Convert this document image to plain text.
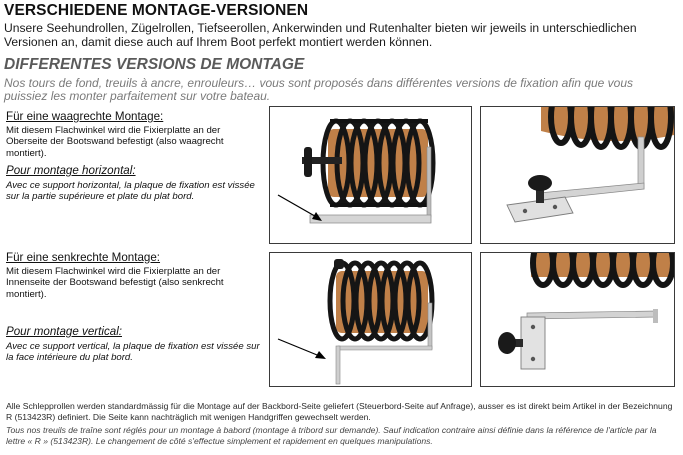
VERSCHIEDENE MONTAGE-VERSIONEN
Unsere Seehundrollen, Zügelrollen, Tiefseerollen, Ankerwinden und Rutenhalter bieten wir jeweils in unterschiedlichen Versionen an, damit diese auch auf Ihrem Boot perfekt montiert werden können.
DIFFERENTES VERSIONS DE MONTAGE
Nos tours de fond, treuils à ancre, enrouleurs… vous sont proposés dans différentes versions de fixation afin que vous puissiez les monter parfaitement sur votre bateau.
Für eine waagrechte Montage:
Mit diesem Flachwinkel wird die Fixierplatte an der Oberseite der Bootswand befestigt (also waagrecht montiert).
Pour montage horizontal:
Avec ce support horizontal, la plaque de fixation est vissée sur la partie supérieure et plate du plat bord.
Für eine senkrechte Montage:
Mit diesem Flachwinkel wird die Fixierplatte an der Innenseite der Bootswand befestigt (also senkrecht montiert).
Pour montage vertical:
Avec ce support vertical, la plaque de fixation est vissée sur la face intérieure du plat bord.
Alle Schlepprollen werden standardmässig für die Montage auf der Backbord-Seite geliefert (Steuerbord-Seite auf Anfrage), ausser es ist direkt beim Artikel in der Bezeichnung R (513423R) definiert. Die Seite kann nachträglich mit wenigen Handgriffen gewechselt werden.
Tous nos treuils de traîne sont réglés pour un montage à babord (montage à tribord sur demande). Sauf indication contraire ainsi définie dans la référence de l'article par la lettre « R » (513423R). Le changement de côté s'effectue simplement et rapidement en quelques manipulations.
